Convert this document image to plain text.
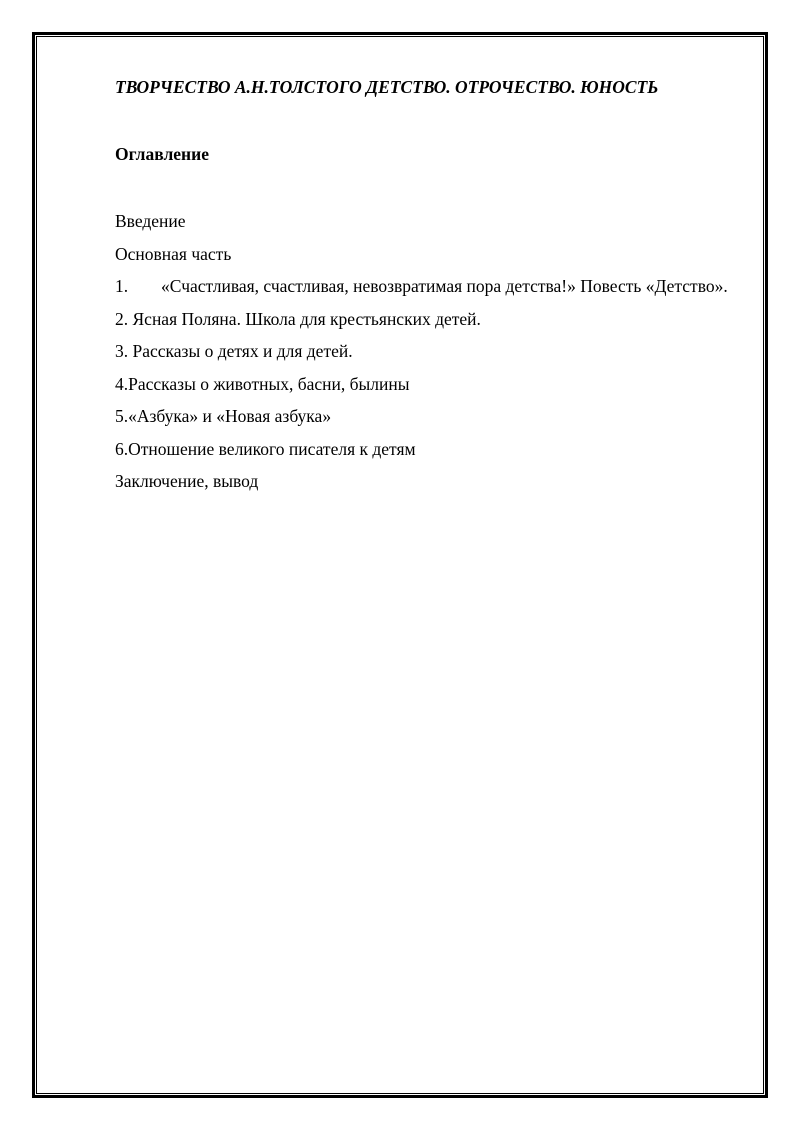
ТВОРЧЕСТВО А.Н.ТОЛСТОГО ДЕТСТВО. ОТРОЧЕСТВО. ЮНОСТЬ
Оглавление
Введение
Основная часть
1. «Счастливая, счастливая, невозвратимая пора детства!» Повесть «Детство».
2. Ясная Поляна. Школа для крестьянских детей.
3. Рассказы о детях и для детей.
4.Рассказы о животных, басни, былины
5.«Азбука» и «Новая азбука»
6.Отношение великого писателя к детям
Заключение, вывод
